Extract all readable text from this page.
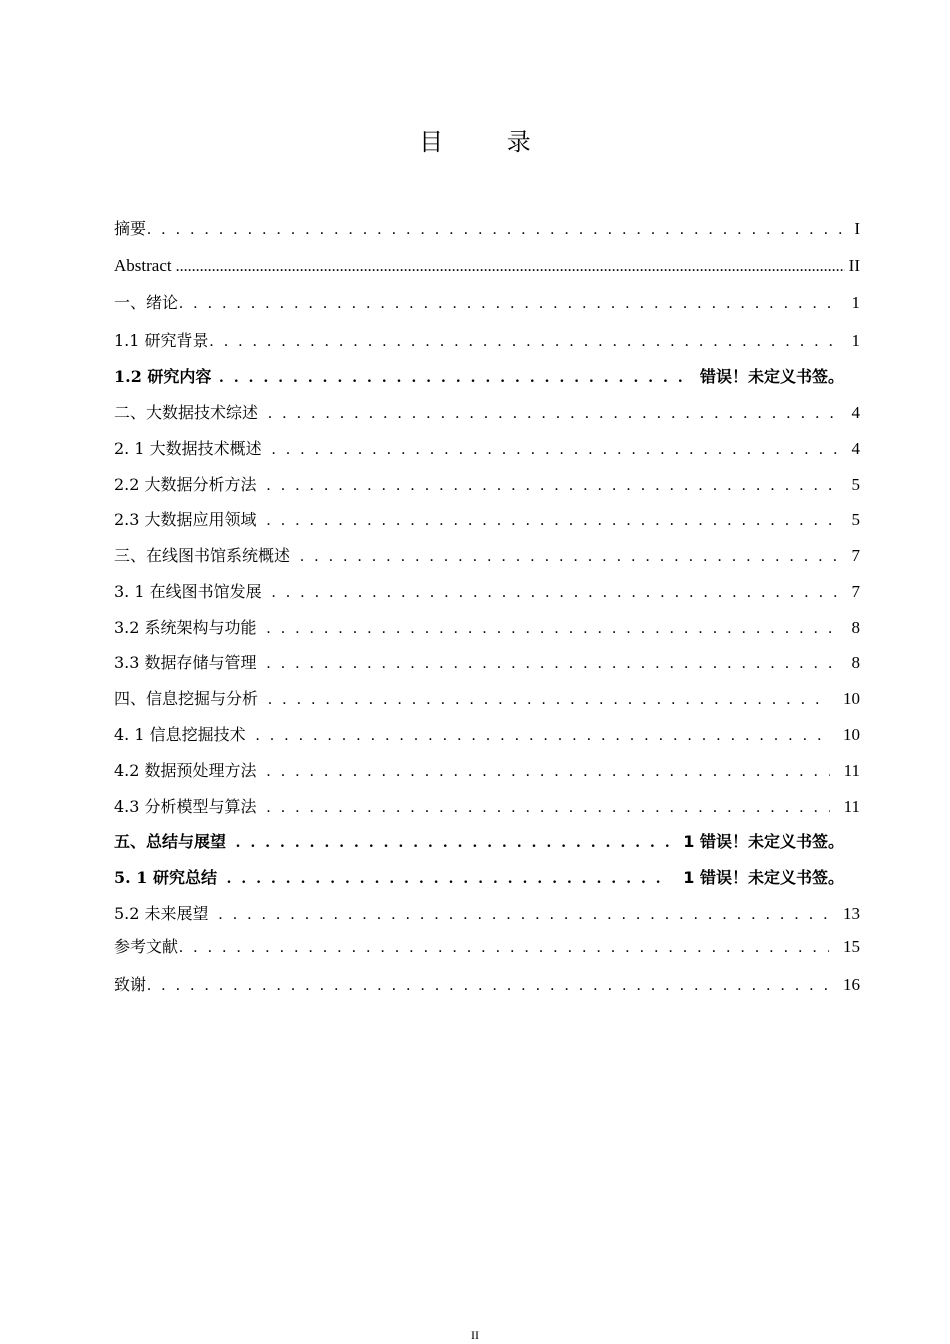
目 录
摘要 . . .	I
Abstract .....	II
一、绪论 . . .	1
1.1 研究背景 . . .	1
1.2 研究内容 . . .	错误！未定义书签。
二、大数据技术综述 . . .	4
2. 1 大数据技术概述 . . .	4
2.2 大数据分析方法 . . .	5
2.3 大数据应用领域 . . .	5
三、在线图书馆系统概述 . . .	7
3. 1 在线图书馆发展 . . .	7
3.2 系统架构与功能 . . .	8
3.3 数据存储与管理 . . .	8
四、信息挖掘与分析 . . .	10
4. 1 信息挖掘技术 . . .	10
4.2 数据预处理方法 . . .	11
4.3 分析模型与算法 . . .	11
五、总结与展望 . . .	1 错误！未定义书签。
5. 1 研究总结 . . .	1 错误！未定义书签。
5.2 未来展望 . . .	13
参考文献 . . .	15
致谢 . . .	16
II
